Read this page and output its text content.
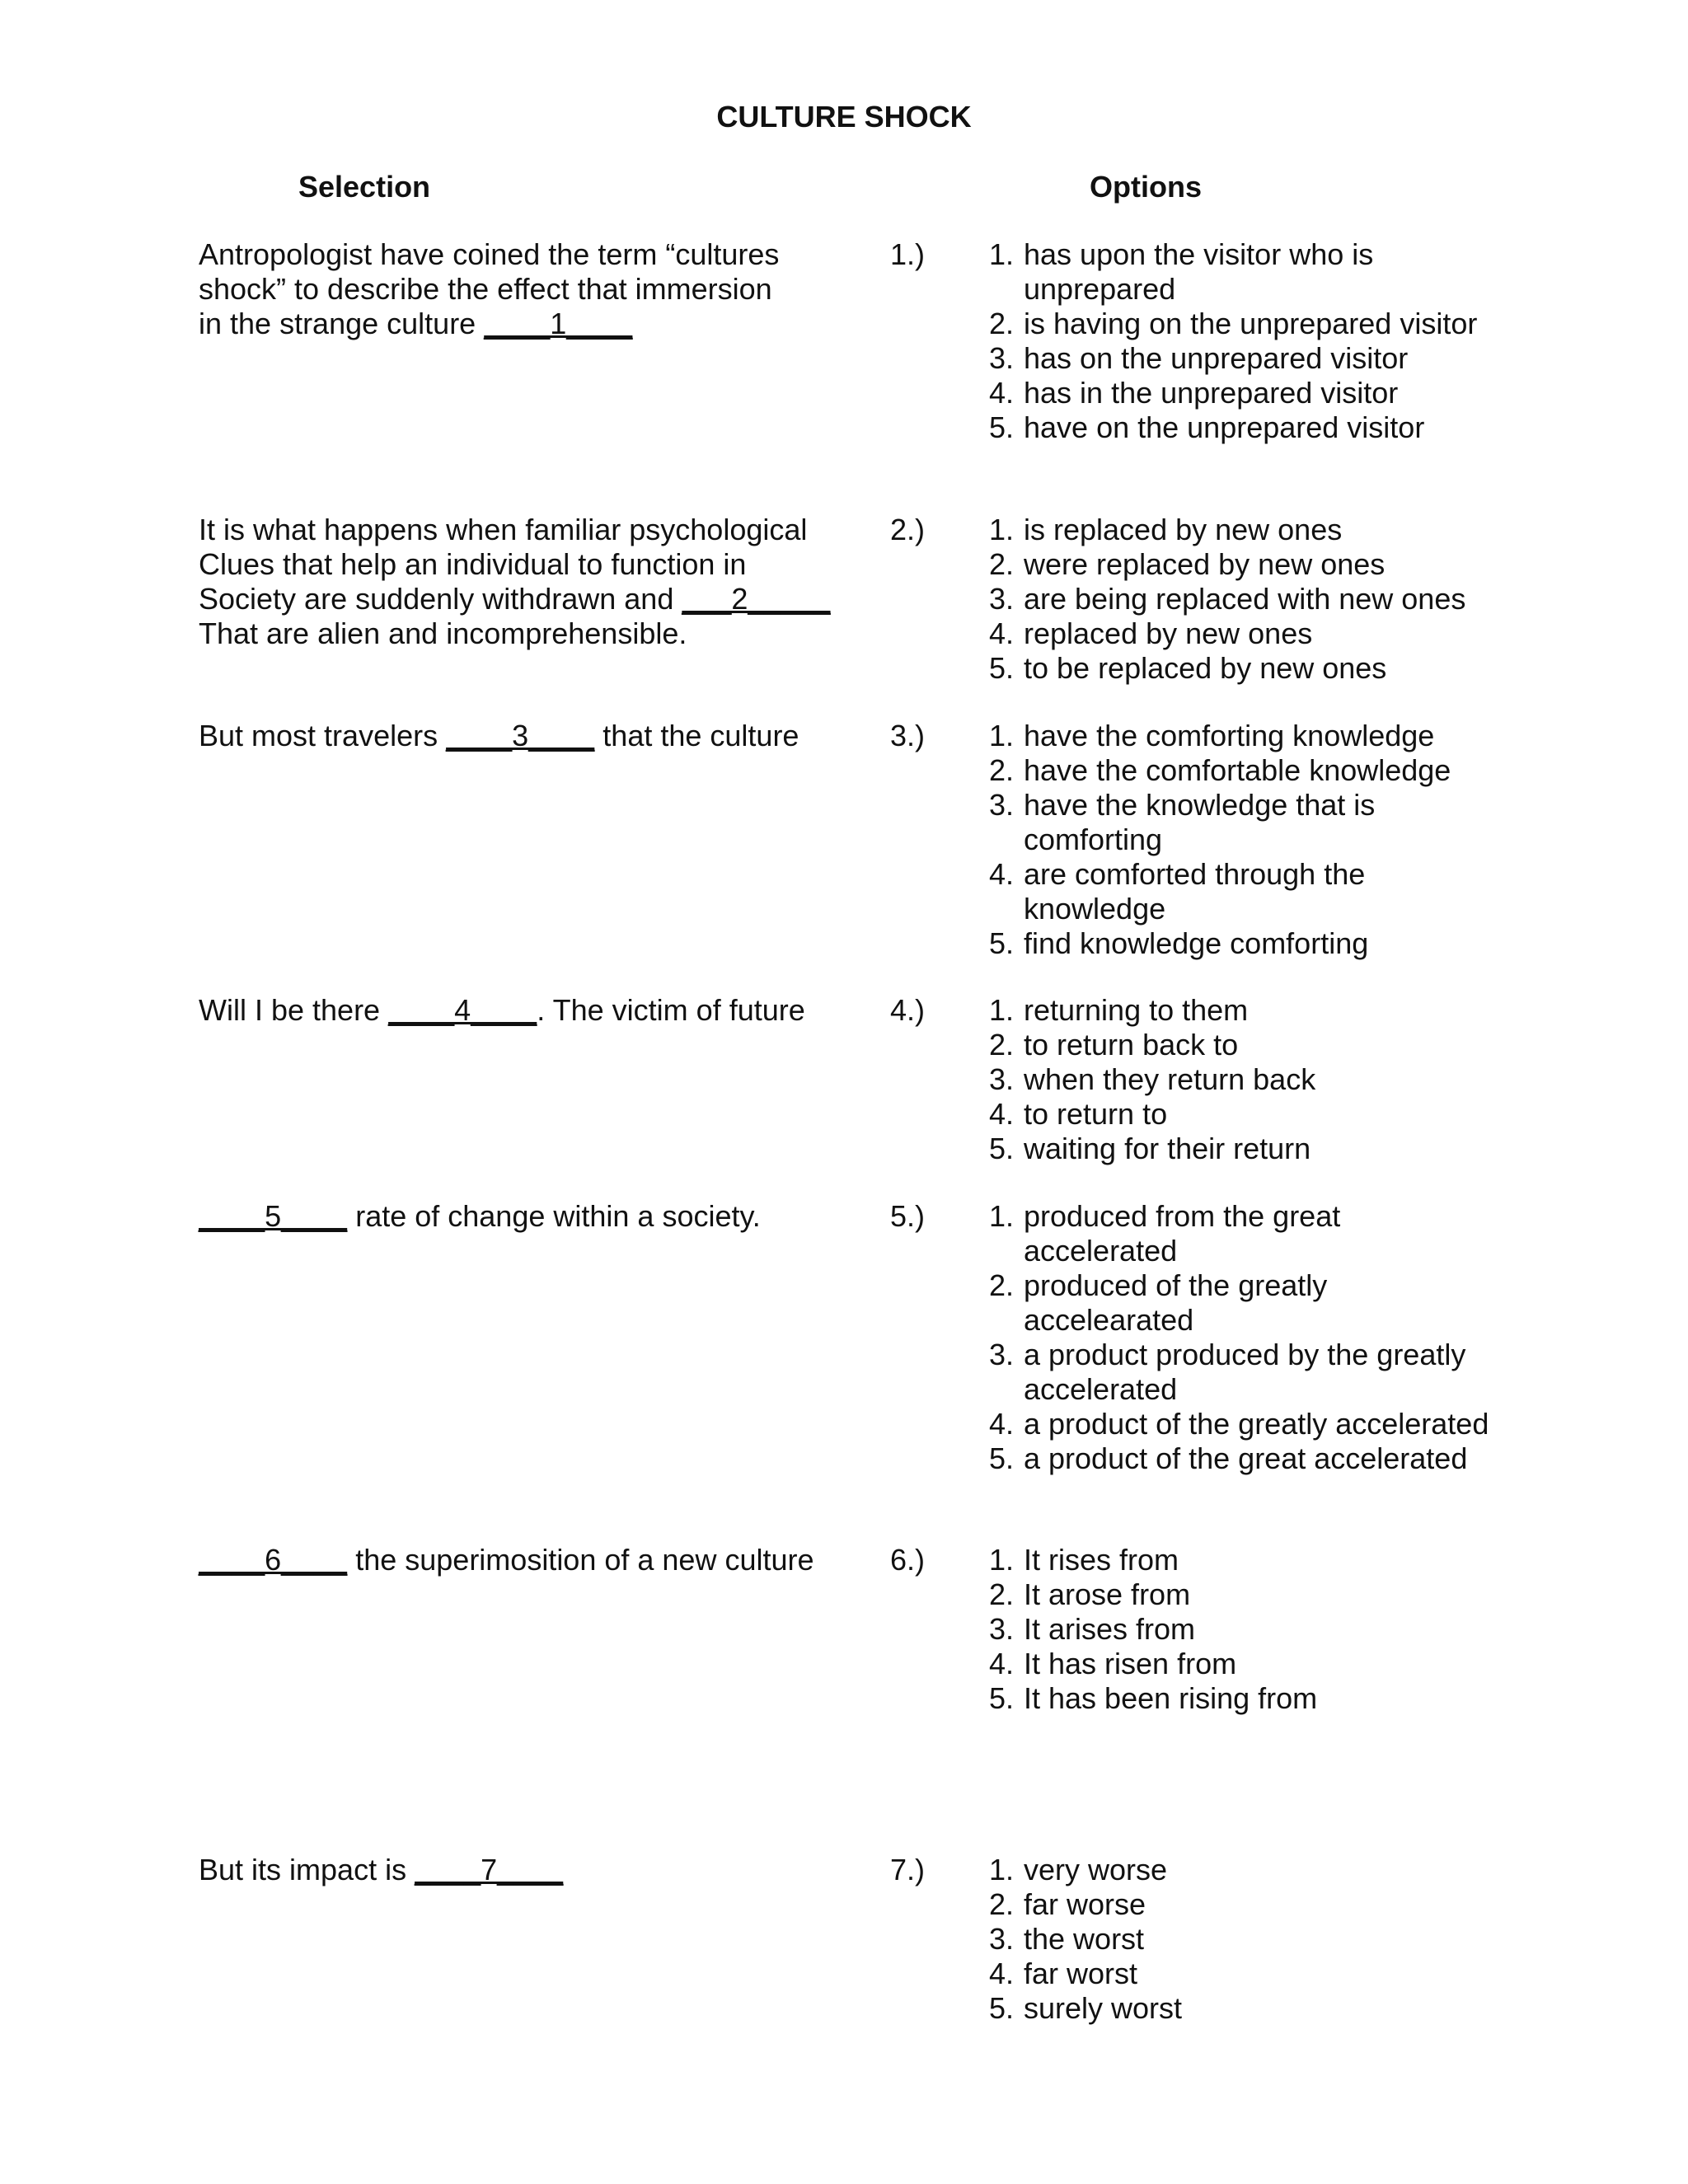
CULTURE SHOCK
Selection	Options
Antropologist have coined the term “cultures
shock” to describe the effect that immersion
in the strange culture ____1____
1.)	1. has upon the visitor who is unprepared
2. is having on the unprepared visitor
3. has on the unprepared visitor
4. has in the unprepared visitor
5. have on the unprepared visitor
It is what happens when familiar psychological
Clues that help an individual to function in
Society are suddenly withdrawn and ___2_____
That are alien and incomprehensible.
2.)	1. is replaced by new ones
2. were replaced by new ones
3. are being replaced with new ones
4. replaced by new ones
5. to be replaced by new ones
But most travelers ____3____ that the culture	3.)	1. have the comforting knowledge
2. have the comfortable knowledge
3. have the knowledge that is comforting
4. are comforted through the knowledge
5. find knowledge comforting
Will I be there ____4____. The victim of future	4.)	1. returning to them
2. to return back to
3. when they return back
4. to return to
5. waiting for their return
____5____ rate of change within a society.	5.)	1. produced from the great accelerated
2. produced of the greatly accelearated
3. a product produced by the greatly accelerated
4. a product of the greatly accelerated
5. a product of the great accelerated
____6____ the superimosition of a new culture	6.)	1. It rises from
2. It arose from
3. It arises from
4. It has risen from
5. It has been rising from
But its impact is ____7____	7.)	1. very worse
2. far worse
3. the worst
4. far worst
5. surely worst
